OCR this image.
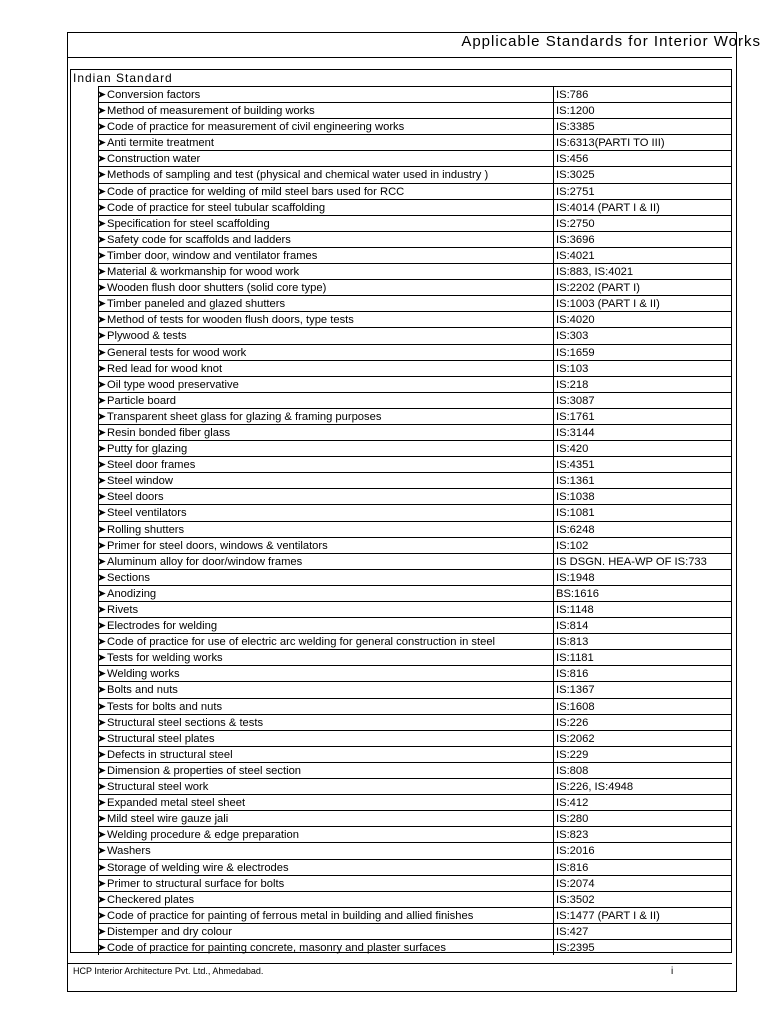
Applicable Standards for Interior Works
Indian Standard
➤ Conversion factors	IS:786
➤ Method of measurement of building works	IS:1200
➤ Code of practice for measurement of civil engineering works	IS:3385
➤ Anti termite treatment	IS:6313(PARTI TO III)
➤ Construction water	IS:456
➤ Methods of sampling and test (physical and chemical water used in industry )	IS:3025
➤ Code of practice for welding of mild steel bars used for RCC	IS:2751
➤ Code of practice for steel tubular scaffolding	IS:4014 (PART I & II)
➤ Specification for steel scaffolding	IS:2750
➤ Safety code for scaffolds and ladders	IS:3696
➤ Timber door, window and ventilator frames	IS:4021
➤ Material & workmanship for wood work	IS:883, IS:4021
➤ Wooden flush door shutters (solid core type)	IS:2202 (PART I)
➤ Timber paneled and glazed shutters	IS:1003 (PART I & II)
➤ Method of tests for wooden flush doors, type tests	IS:4020
➤ Plywood & tests	IS:303
➤ General tests for wood work	IS:1659
➤ Red lead for wood knot	IS:103
➤ Oil type wood preservative	IS:218
➤ Particle board	IS:3087
➤ Transparent sheet glass for glazing & framing purposes	IS:1761
➤ Resin bonded fiber glass	IS:3144
➤ Putty for glazing	IS:420
➤ Steel door frames	IS:4351
➤ Steel window	IS:1361
➤ Steel doors	IS:1038
➤ Steel ventilators	IS:1081
➤ Rolling shutters	IS:6248
➤ Primer for steel doors, windows & ventilators	IS:102
➤ Aluminum alloy for door/window frames	IS DSGN. HEA-WP OF IS:733
➤ Sections	IS:1948
➤ Anodizing	BS:1616
➤ Rivets	IS:1148
➤ Electrodes for welding	IS:814
➤ Code of practice for use of electric arc welding for general construction in steel	IS:813
➤ Tests for welding works	IS:1181
➤ Welding works	IS:816
➤ Bolts and nuts	IS:1367
➤ Tests for bolts and nuts	IS:1608
➤ Structural steel sections & tests	IS:226
➤ Structural steel plates	IS:2062
➤ Defects in structural steel	IS:229
➤ Dimension & properties of steel section	IS:808
➤ Structural steel work	IS:226, IS:4948
➤ Expanded metal steel sheet	IS:412
➤ Mild steel wire gauze jali	IS:280
➤ Welding procedure & edge preparation	IS:823
➤ Washers	IS:2016
➤ Storage of welding wire & electrodes	IS:816
➤ Primer to structural surface for bolts	IS:2074
➤ Checkered plates	IS:3502
➤ Code of practice for painting of ferrous metal in building and allied finishes	IS:1477 (PART I & II)
➤ Distemper and dry colour	IS:427
➤ Code of practice for painting concrete, masonry and plaster surfaces	IS:2395
HCP Interior Architecture Pvt. Ltd., Ahmedabad.	i
